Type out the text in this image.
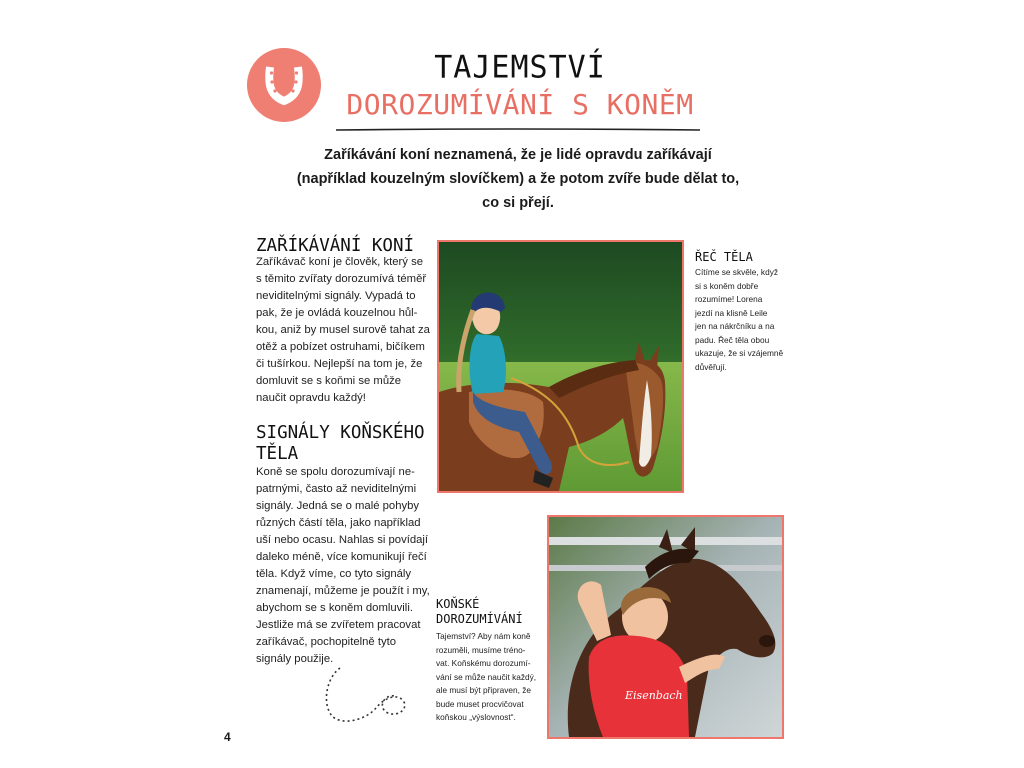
TAJEMSTVÍ
DOROZUMÍVÁNÍ S KONĚM
Zaříkávání koní neznamená, že je lidé opravdu zaříkávají (například kouzelným slovíčkem) a že potom zvíře bude dělat to, co si přejí.
ZAŘÍKÁVÁNÍ KONÍ
Zaříkávač koní je člověk, který se
s těmito zvířaty dorozumívá téměř
neviditelnými signály. Vypadá to
pak, že je ovládá kouzelnou hůl-
kou, aniž by musel surově tahat za
otěž a pobízet ostruhami, bičíkem
či tušírkou. Nejlepší na tom je, že
domluvit se s koňmi se může
naučit opravdu každý!
SIGNÁLY KOŇSKÉHO
TĚLA
Koně se spolu dorozumívají ne-
patrnými, často až neviditelnými
signály. Jedná se o malé pohyby
různých částí těla, jako například
uší nebo ocasu. Nahlas si povídají
daleko méně, více komunikují řečí
těla. Když víme, co tyto signály
znamenají, můžeme je použít i my,
abychom se s koněm domluvili.
Jestliže má se zvířetem pracovat
zaříkávač, pochopitelně tyto
signály použije.
ŘEČ TĚLA
Cítíme se skvěle, když
si s koněm dobře
rozumíme! Lorena
jezdí na klisně Leile
jen na nákrčníku a na
padu. Řeč těla obou
ukazuje, že si vzájemně
důvěřují.
KOŇSKÉ
DOROZUMÍVÁNÍ
Tajemství? Aby nám koně
rozuměli, musíme tréno-
vat. Koňskému dorozumí-
vání se může naučit každý,
ale musí být připraven, že
bude muset procvičovat
koňskou „výslovnost“.
Eisenbach
4
